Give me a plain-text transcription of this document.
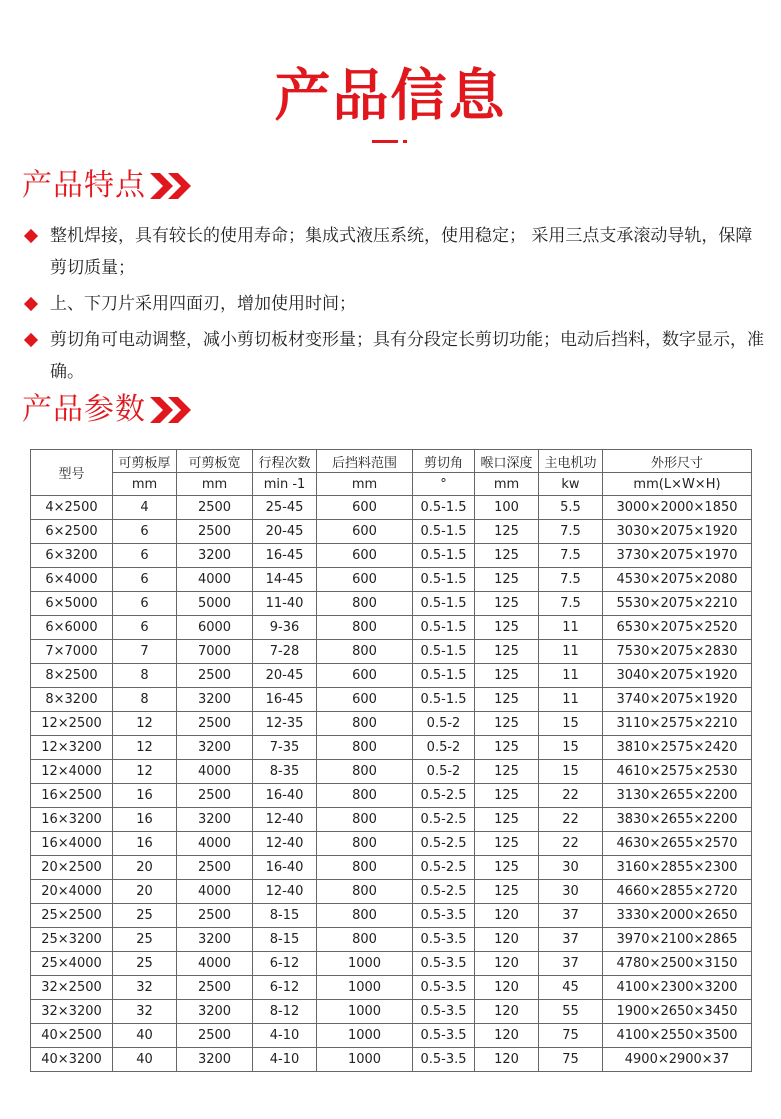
产品信息
产品特点
整机焊接，具有较长的使用寿命；集成式液压系统，使用稳定； 采用三点支承滚动导轨，保障剪切质量；
上、下刀片采用四面刃，增加使用时间；
剪切角可电动调整，减小剪切板材变形量；具有分段定长剪切功能；电动后挡料，数字显示，准确。
产品参数
型号	可剪板厚	可剪板宽	行程次数	后挡料范围	剪切角	喉口深度	主电机功	外形尺寸
	mm	mm	min -1	mm	°	mm	kw	mm(L×W×H)
4×2500	4	2500	25-45	600	0.5-1.5	100	5.5	3000×2000×1850
6×2500	6	2500	20-45	600	0.5-1.5	125	7.5	3030×2075×1920
6×3200	6	3200	16-45	600	0.5-1.5	125	7.5	3730×2075×1970
6×4000	6	4000	14-45	600	0.5-1.5	125	7.5	4530×2075×2080
6×5000	6	5000	11-40	800	0.5-1.5	125	7.5	5530×2075×2210
6×6000	6	6000	9-36	800	0.5-1.5	125	11	6530×2075×2520
7×7000	7	7000	7-28	800	0.5-1.5	125	11	7530×2075×2830
8×2500	8	2500	20-45	600	0.5-1.5	125	11	3040×2075×1920
8×3200	8	3200	16-45	600	0.5-1.5	125	11	3740×2075×1920
12×2500	12	2500	12-35	800	0.5-2	125	15	3110×2575×2210
12×3200	12	3200	7-35	800	0.5-2	125	15	3810×2575×2420
12×4000	12	4000	8-35	800	0.5-2	125	15	4610×2575×2530
16×2500	16	2500	16-40	800	0.5-2.5	125	22	3130×2655×2200
16×3200	16	3200	12-40	800	0.5-2.5	125	22	3830×2655×2200
16×4000	16	4000	12-40	800	0.5-2.5	125	22	4630×2655×2570
20×2500	20	2500	16-40	800	0.5-2.5	125	30	3160×2855×2300
20×4000	20	4000	12-40	800	0.5-2.5	125	30	4660×2855×2720
25×2500	25	2500	8-15	800	0.5-3.5	120	37	3330×2000×2650
25×3200	25	3200	8-15	800	0.5-3.5	120	37	3970×2100×2865
25×4000	25	4000	6-12	1000	0.5-3.5	120	37	4780×2500×3150
32×2500	32	2500	6-12	1000	0.5-3.5	120	45	4100×2300×3200
32×3200	32	3200	8-12	1000	0.5-3.5	120	55	1900×2650×3450
40×2500	40	2500	4-10	1000	0.5-3.5	120	75	4100×2550×3500
40×3200	40	3200	4-10	1000	0.5-3.5	120	75	4900×2900×37
